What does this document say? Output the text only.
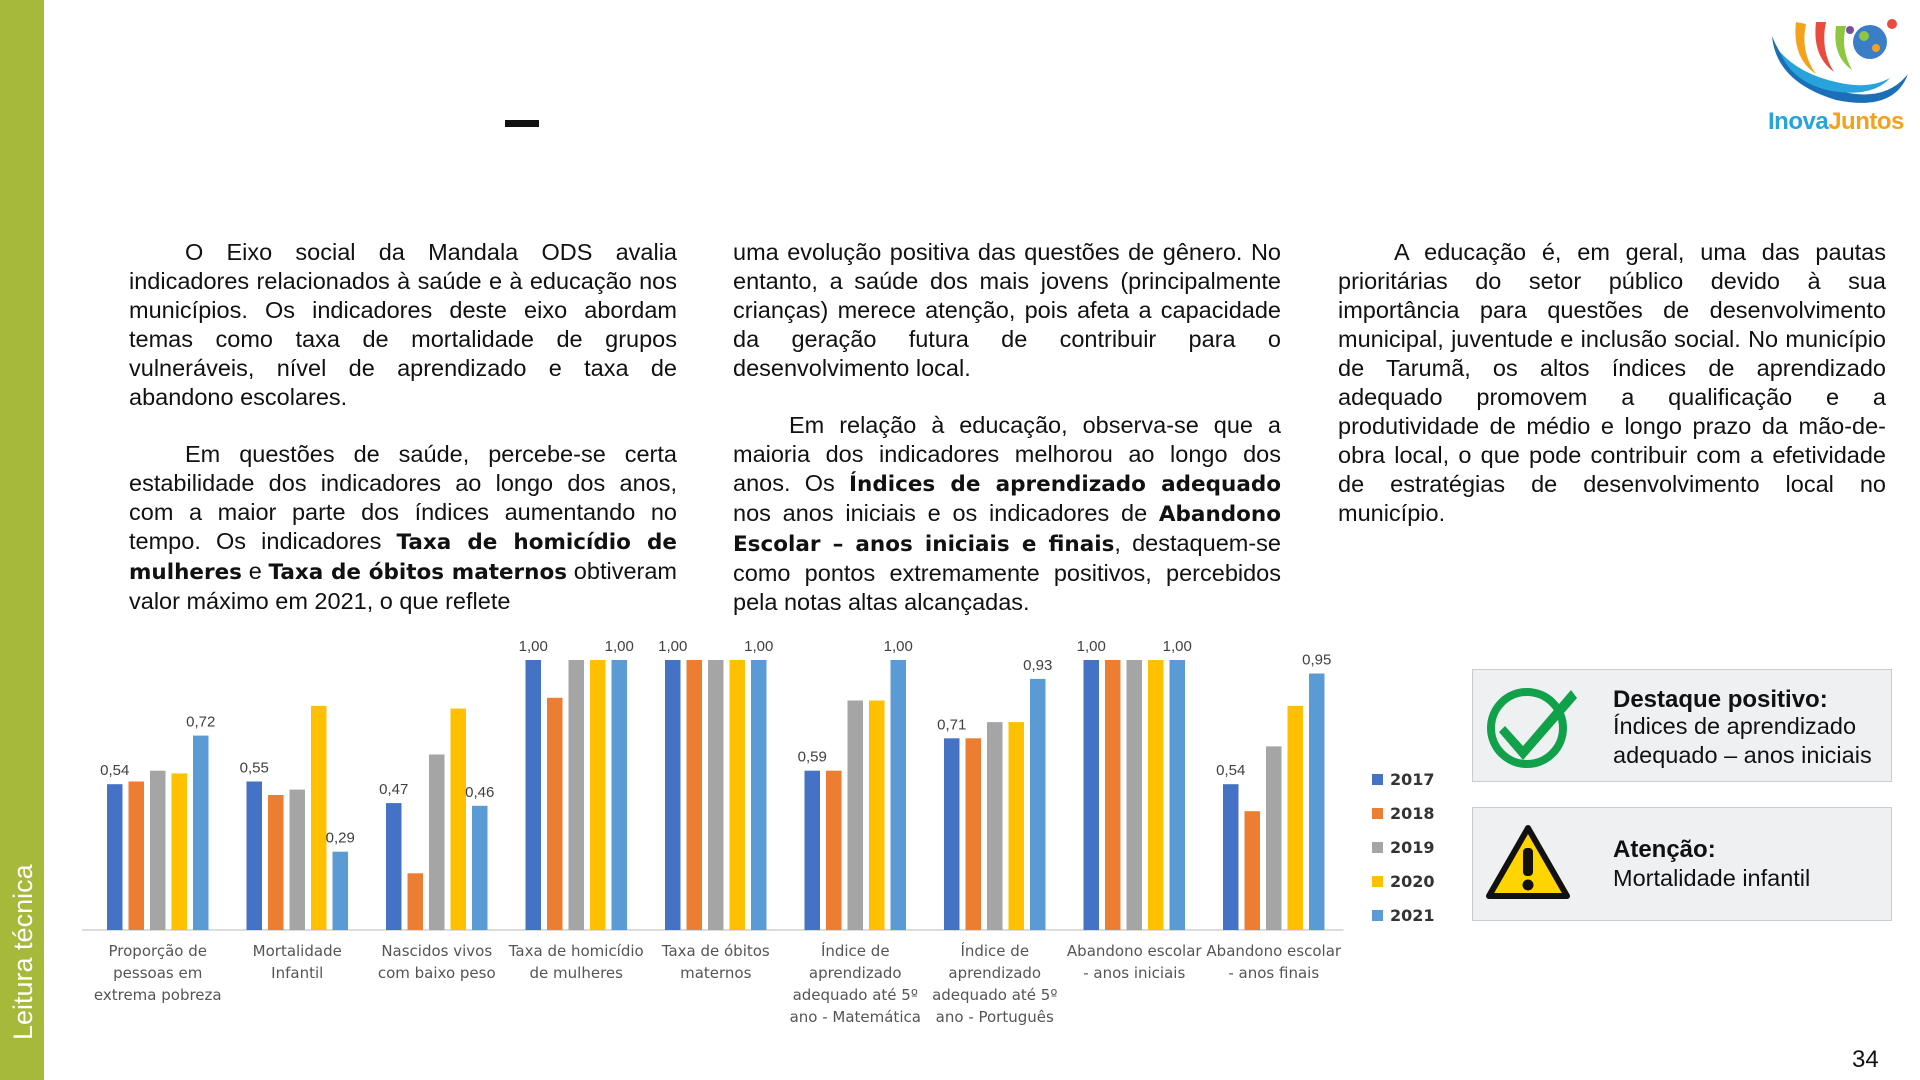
Leitura técnica
InovaJuntos

O Eixo social da Mandala ODS avalia indicadores relacionados à saúde e à educação nos municípios. Os indicadores deste eixo abordam temas como taxa de mortalidade de grupos vulneráveis, nível de aprendizado e taxa de abandono escolares.

Em questões de saúde, percebe-se certa estabilidade dos indicadores ao longo dos anos, com a maior parte dos índices aumentando no tempo. Os indicadores Taxa de homicídio de mulheres e Taxa de óbitos maternos obtiveram valor máximo em 2021, o que reflete

uma evolução positiva das questões de gênero. No entanto, a saúde dos mais jovens (principalmente crianças) merece atenção, pois afeta a capacidade da geração futura de contribuir para o desenvolvimento local.

Em relação à educação, observa-se que a maioria dos indicadores melhorou ao longo dos anos. Os Índices de aprendizado adequado nos anos iniciais e os indicadores de Abandono Escolar – anos iniciais e finais, destaquem-se como pontos extremamente positivos, percebidos pela notas altas alcançadas.

A educação é, em geral, uma das pautas prioritárias do setor público devido à sua importância para questões de desenvolvimento municipal, juventude e inclusão social. No município de Tarumã, os altos índices de aprendizado adequado promovem a qualificação e a produtividade de médio e longo prazo da mão-de-obra local, o que pode contribuir com a efetividade de estratégias de desenvolvimento local no município.

0,54
0,72
Proporção de
pessoas em
extrema pobreza
0,55
0,29
Mortalidade
Infantil
0,47	0,46
Nascidos vivos
com baixo peso
1,00	1,00
Taxa de homicídio
de mulheres
1,00	1,00
Taxa de óbitos
maternos
0,59
1,00
Índice de
aprendizado
adequado até 5º
ano - Matemática
0,71
0,93
Índice de
aprendizado
adequado até 5º
ano - Português
1,00	1,00
Abandono escolar
- anos iniciais
0,54
0,95
Abandono escolar
- anos finais
2017
2018
2019
2020
2021
Destaque positivo:
Índices de aprendizado
adequado – anos iniciais
Atenção:
Mortalidade infantil
34
